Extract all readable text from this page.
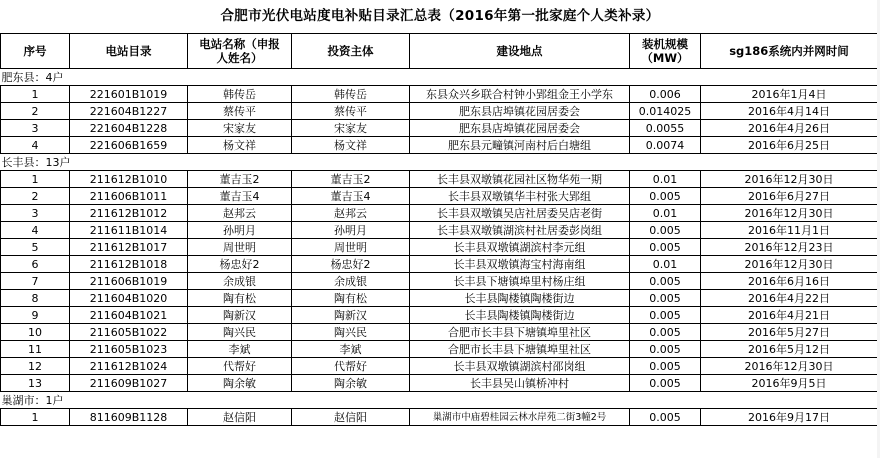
合肥市光伏电站度电补贴目录汇总表（2016年第一批家庭个人类补录）
序号	电站目录	电站名称（申报人姓名）	投资主体	建设地点	装机规模（MW）	sg186系统内并网时间
肥东县：4户						
1	221601B1019	韩传岳	韩传岳	东县众兴乡联合村钟小郢组金王小学东	0.006	2016年1月4日
2	221604B1227	蔡传平	蔡传平	肥东县店埠镇花园居委会	0.014025	2016年4月14日
3	221604B1228	宋家友	宋家友	肥东县店埠镇花园居委会	0.0055	2016年4月26日
4	221606B1659	杨文祥	杨文祥	肥东县元疃镇河南村后白塘组	0.0074	2016年6月25日
长丰县：13户						
1	211612B1010	董吉玉2	董吉玉2	长丰县双墩镇花园社区物华苑一期	0.01	2016年12月30日
2	211606B1011	董吉玉4	董吉玉4	长丰县双墩镇华丰村张大郢组	0.005	2016年6月27日
3	211612B1012	赵邦云	赵邦云	长丰县双墩镇吴店社居委吴店老街	0.01	2016年12月30日
4	211611B1014	孙明月	孙明月	长丰县双墩镇湖滨村社居委彭岗组	0.005	2016年11月1日
5	211612B1017	周世明	周世明	长丰县双墩镇湖滨村李元组	0.005	2016年12月23日
6	211612B1018	杨忠好2	杨忠好2	长丰县双墩镇海宝村海南组	0.01	2016年12月30日
7	211606B1019	余成银	余成银	长丰县下塘镇埠里村杨庄组	0.005	2016年6月16日
8	211604B1020	陶有松	陶有松	长丰县陶楼镇陶楼街边	0.005	2016年4月22日
9	211604B1021	陶新汉	陶新汉	长丰县陶楼镇陶楼街边	0.005	2016年4月21日
10	211605B1022	陶兴民	陶兴民	合肥市长丰县下塘镇埠里社区	0.005	2016年5月27日
11	211605B1023	李斌	李斌	合肥市长丰县下塘镇埠里社区	0.005	2016年5月12日
12	211612B1024	代帮好	代帮好	长丰县双墩镇湖滨村邵岗组	0.005	2016年12月30日
13	211609B1027	陶余敏	陶余敏	长丰县吴山镇桥冲村	0.005	2016年9月5日
巢湖市：1户						
1	811609B1128	赵信阳	赵信阳	巢湖市中庙碧桂园云林水岸苑二街3幢2号	0.005	2016年9月17日
